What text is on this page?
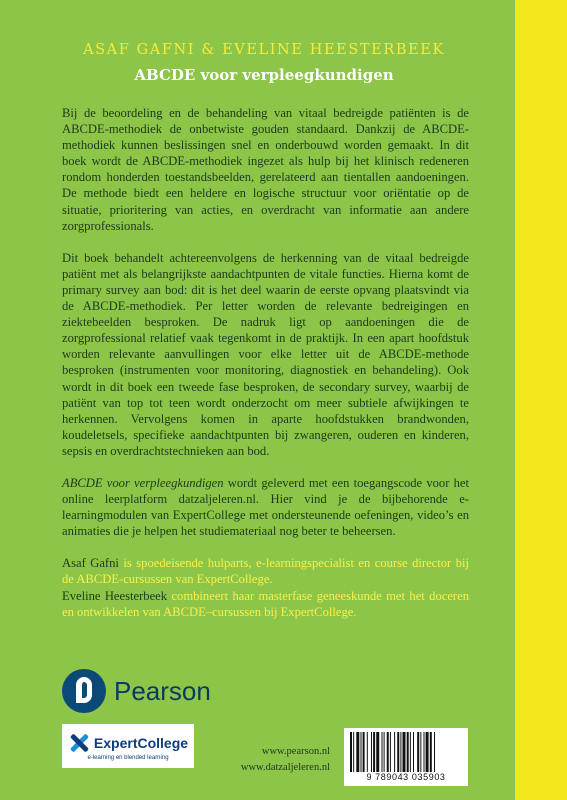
ASAF GAFNI & EVELINE HEESTERBEEK
ABCDE voor verpleegkundigen

Bij de beoordeling en de behandeling van vitaal bedreigde patiënten is de ABCDE-methodiek de onbetwiste gouden standaard. Dankzij de ABCDE-methodiek kunnen beslissingen snel en onderbouwd worden gemaakt. In dit boek wordt de ABCDE-methodiek ingezet als hulp bij het klinisch redeneren rondom honderden toestandsbeelden, gerelateerd aan tientallen aandoeningen. De methode biedt een heldere en logische structuur voor oriëntatie op de situatie, prioritering van acties, en overdracht van informatie aan andere zorgprofessionals.

Dit boek behandelt achtereenvolgens de herkenning van de vitaal bedreigde patiënt met als belangrijkste aandachtpunten de vitale functies. Hierna komt de primary survey aan bod: dit is het deel waarin de eerste opvang plaatsvindt via de ABCDE-methodiek. Per letter worden de relevante bedreigingen en ziektebeelden besproken. De nadruk ligt op aandoeningen die de zorgprofessional relatief vaak tegenkomt in de praktijk. In een apart hoofdstuk worden relevante aanvullingen voor elke letter uit de ABCDE-methode besproken (instrumenten voor monitoring, diagnostiek en behandeling). Ook wordt in dit boek een tweede fase besproken, de secondary survey, waarbij de patiënt van top tot teen wordt onderzocht om meer subtiele afwijkingen te herkennen. Vervolgens komen in aparte hoofdstukken brandwonden, koudeletsels, specifieke aandachtpunten bij zwangeren, ouderen en kinderen, sepsis en overdrachtstechnieken aan bod.

ABCDE voor verpleegkundigen wordt geleverd met een toegangscode voor het online leerplatform datzaljeleren.nl. Hier vind je de bijbehorende e-learningmodulen van ExpertCollege met ondersteunende oefeningen, video’s en animaties die je helpen het studiemateriaal nog beter te beheersen.

Asaf Gafni is spoedeisende hulparts, e-learningspecialist en course director bij de ABCDE-cursussen van ExpertCollege.

Eveline Heesterbeek combineert haar masterfase geneeskunde met het doceren en ontwikkelen van ABCDE–cursussen bij ExpertCollege.

Pearson
ExpertCollege
e-learning en blended learning
www.pearson.nl
www.datzaljeleren.nl
9 789043 035903
